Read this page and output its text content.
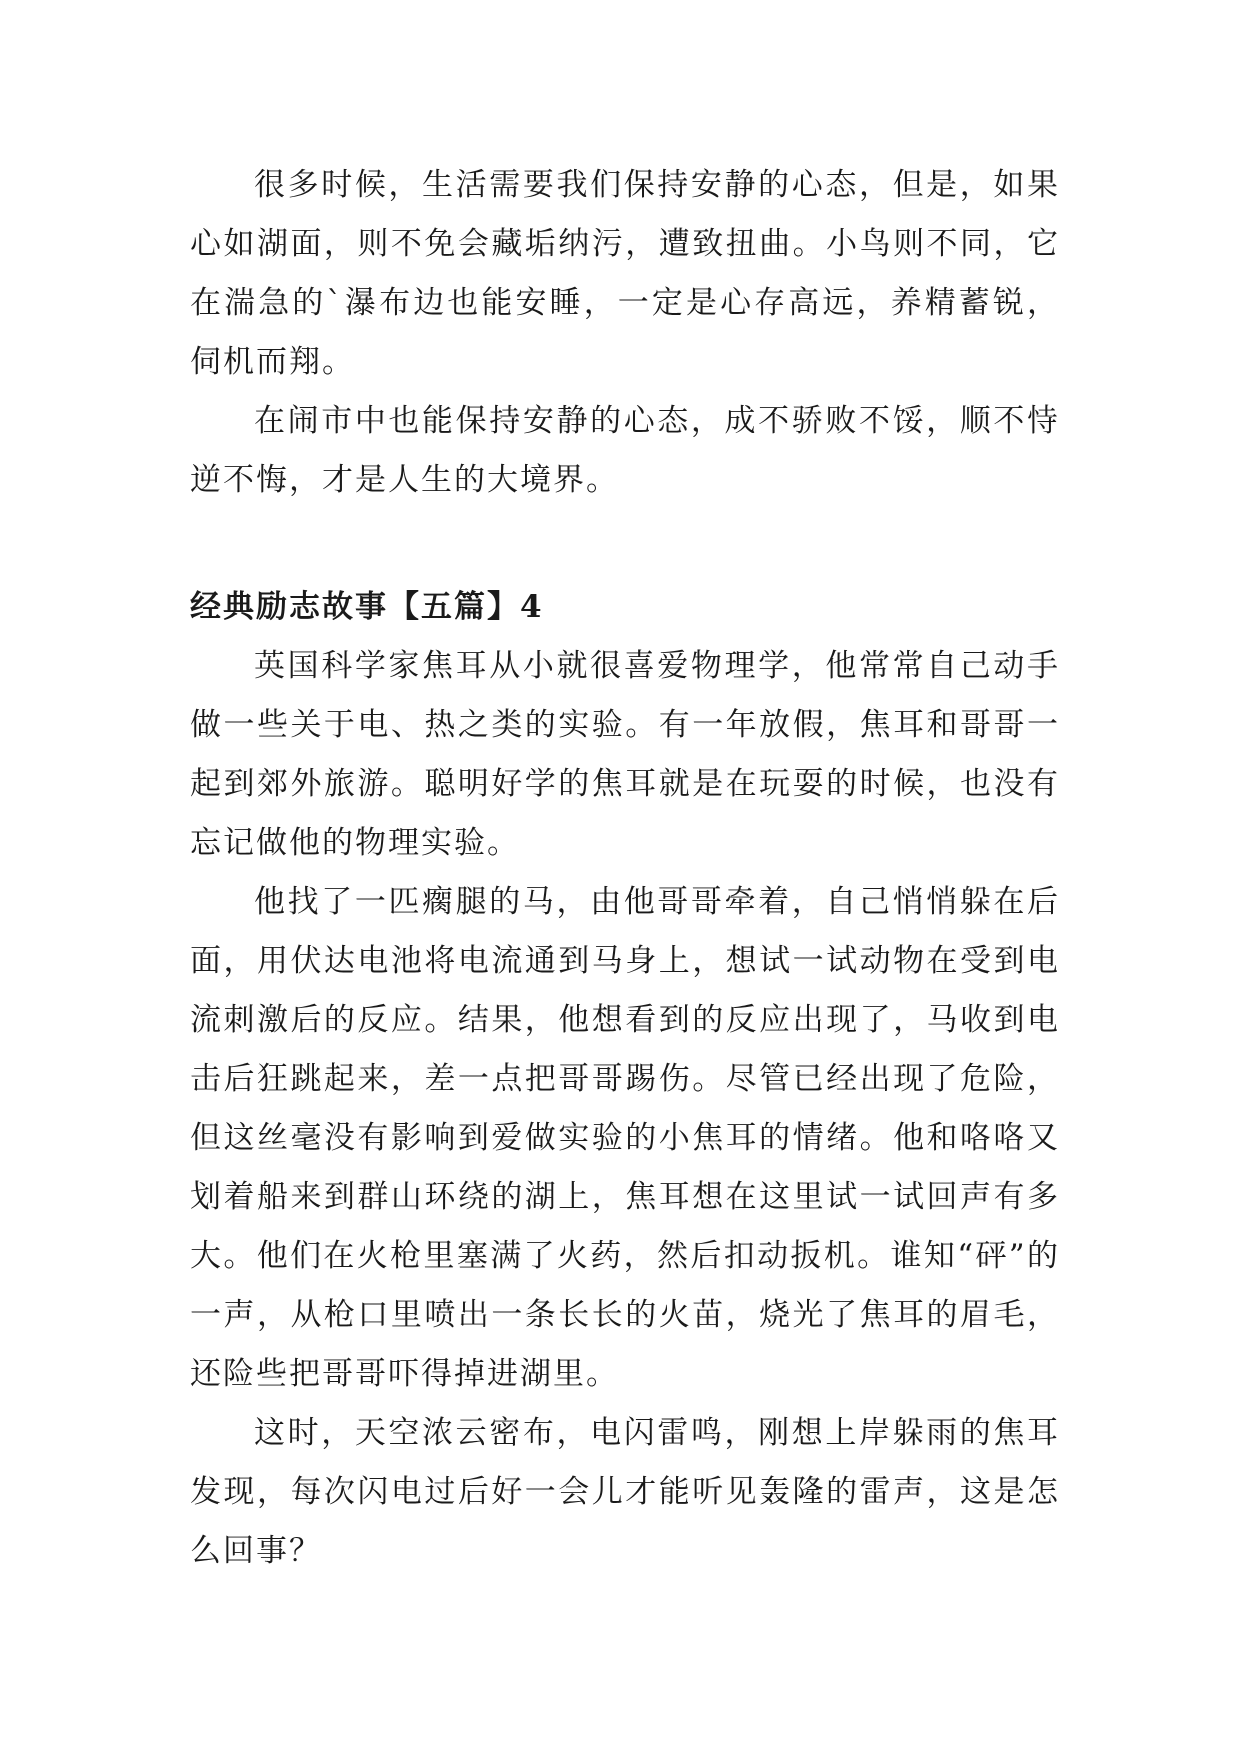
很多时候，生活需要我们保持安静的心态，但是，如果心如湖面，则不免会藏垢纳污，遭致扭曲。小鸟则不同，它在湍急的`瀑布边也能安睡，一定是心存高远，养精蓄锐，伺机而翔。

在闹市中也能保持安静的心态，成不骄败不馁，顺不恃逆不悔，才是人生的大境界。

经典励志故事【五篇】4

英国科学家焦耳从小就很喜爱物理学，他常常自己动手做一些关于电、热之类的实验。有一年放假，焦耳和哥哥一起到郊外旅游。聪明好学的焦耳就是在玩耍的时候，也没有忘记做他的物理实验。

他找了一匹瘸腿的马，由他哥哥牵着，自己悄悄躲在后面，用伏达电池将电流通到马身上，想试一试动物在受到电流刺激后的反应。结果，他想看到的反应出现了，马收到电击后狂跳起来，差一点把哥哥踢伤。尽管已经出现了危险，但这丝毫没有影响到爱做实验的小焦耳的情绪。他和咯咯又划着船来到群山环绕的湖上，焦耳想在这里试一试回声有多大。他们在火枪里塞满了火药，然后扣动扳机。谁知“砰”的一声，从枪口里喷出一条长长的火苗，烧光了焦耳的眉毛，还险些把哥哥吓得掉进湖里。

这时，天空浓云密布，电闪雷鸣，刚想上岸躲雨的焦耳发现，每次闪电过后好一会儿才能听见轰隆的雷声，这是怎么回事？
